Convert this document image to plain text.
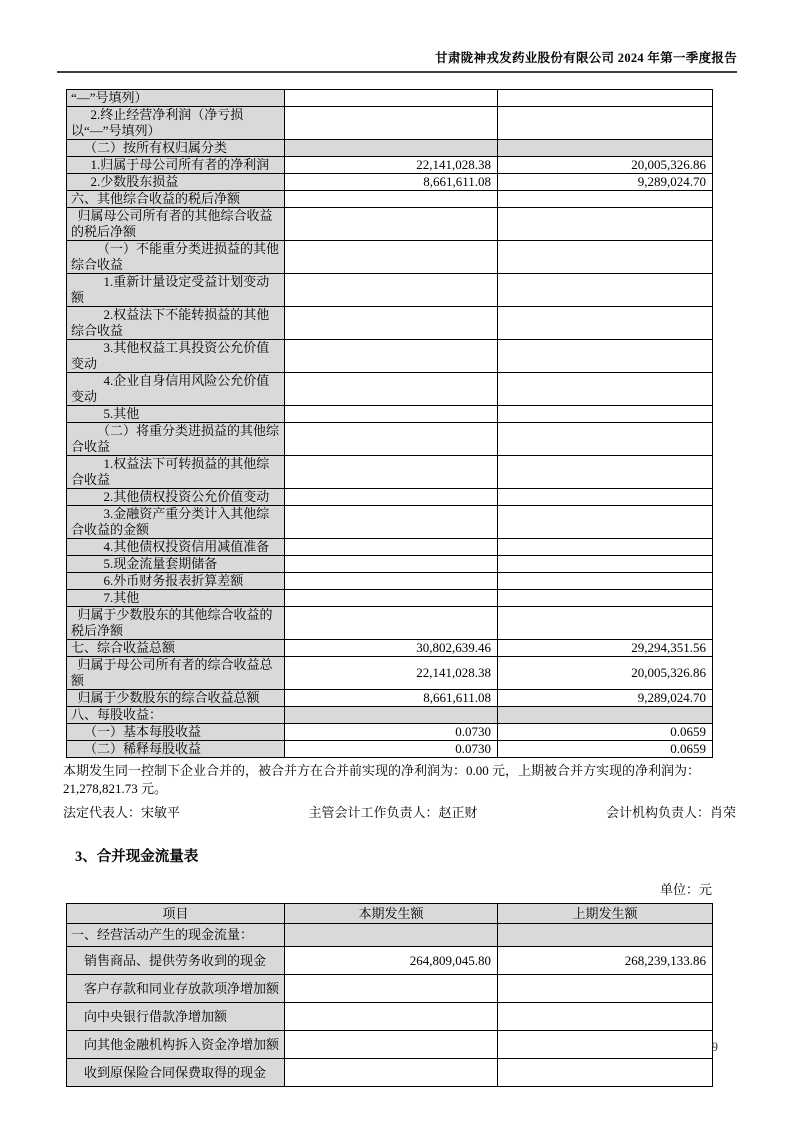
甘肃陇神戎发药业股份有限公司 2024 年第一季度报告
“—”号填列）		
2.终止经营净利润（净亏损以“—”号填列）		
（二）按所有权归属分类		
1.归属于母公司所有者的净利润	22,141,028.38	20,005,326.86
2.少数股东损益	8,661,611.08	9,289,024.70
六、其他综合收益的税后净额		
归属母公司所有者的其他综合收益的税后净额		
（一）不能重分类进损益的其他综合收益		
1.重新计量设定受益计划变动额		
2.权益法下不能转损益的其他综合收益		
3.其他权益工具投资公允价值变动		
4.企业自身信用风险公允价值变动		
5.其他		
（二）将重分类进损益的其他综合收益		
1.权益法下可转损益的其他综合收益		
2.其他债权投资公允价值变动		
3.金融资产重分类计入其他综合收益的金额		
4.其他债权投资信用减值准备		
5.现金流量套期储备		
6.外币财务报表折算差额		
7.其他		
归属于少数股东的其他综合收益的税后净额		
七、综合收益总额	30,802,639.46	29,294,351.56
归属于母公司所有者的综合收益总额	22,141,028.38	20,005,326.86
归属于少数股东的综合收益总额	8,661,611.08	9,289,024.70
八、每股收益：		
（一）基本每股收益	0.0730	0.0659
（二）稀释每股收益	0.0730	0.0659
本期发生同一控制下企业合并的，被合并方在合并前实现的净利润为：0.00 元，上期被合并方实现的净利润为：
21,278,821.73 元。
法定代表人：宋敏平	主管会计工作负责人：赵正财	会计机构负责人：肖荣
3、合并现金流量表
单位：元
项目	本期发生额	上期发生额
一、经营活动产生的现金流量：		
销售商品、提供劳务收到的现金	264,809,045.80	268,239,133.86
客户存款和同业存放款项净增加额		
向中央银行借款净增加额		
向其他金融机构拆入资金净增加额		
收到原保险合同保费取得的现金		
9
